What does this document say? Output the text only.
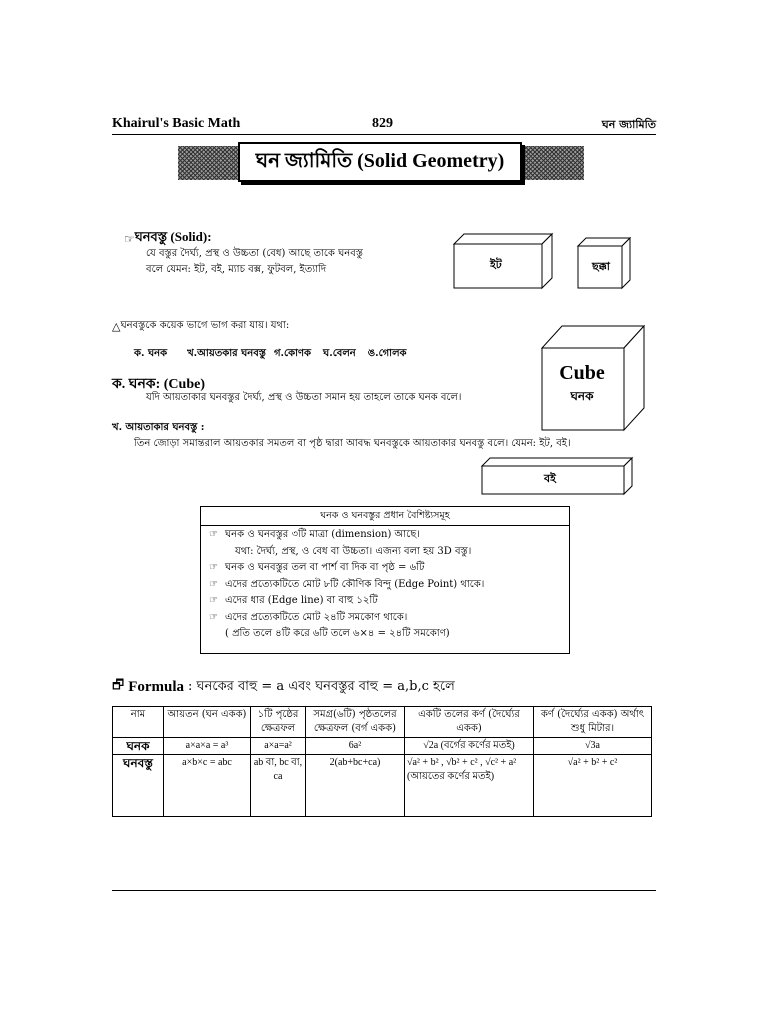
Khairul's Basic Math	829	ঘন জ্যামিতি
ঘন জ্যামিতি (Solid Geometry)
☞ ঘনবস্তু (Solid):
যে বস্তুর দৈর্ঘ্য, প্রস্থ ও উচ্চতা (বেধ) আছে তাকে ঘনবস্তু
বলে যেমন: ইট, বই, ম্যাচ বক্স, ফুটবল, ইত্যাদি	ইট	ছক্কা
△ ঘনবস্তুকে কয়েক ভাগে ভাগ করা যায়। যথা:
ক. ঘনক খ.আয়তকার ঘনবস্তু গ.কোণক ঘ.বেলন ঙ.গোলক
ক. ঘনক: (Cube)
যদি আয়তাকার ঘনবস্তুর দৈর্ঘ্য, প্রস্থ ও উচ্চতা সমান হয় তাহলে তাকে ঘনক বলে।
Cube
ঘনক
খ. আয়তাকার ঘনবস্তু :
তিন জোড়া সমান্তরাল আয়তকার সমতল বা পৃষ্ঠ দ্বারা আবদ্ধ ঘনবস্তুকে আয়তাকার ঘনবস্তু বলে। যেমন: ইট, বই।
বই
ঘনক ও ঘনবস্তুর প্রধান বৈশিষ্ট্যসমূহ
☞ ঘনক ও ঘনবস্তুর ৩টি মাত্রা (dimension) আছে।
যথা: দৈর্ঘ্য, প্রস্থ, ও বেধ বা উচ্চতা। এজন্য বলা হয় 3D বস্তু।
☞ ঘনক ও ঘনবস্তুর তল বা পার্শ বা দিক বা পৃষ্ঠ = ৬টি
☞ এদের প্রত্যেকটিতে মোট ৮টি কৌণিক বিন্দু (Edge Point) থাকে।
☞ এদের ধার (Edge line) বা বাহু ১২টি
☞ এদের প্রত্যেকটিতে মোট ২৪টি সমকোণ থাকে।
( প্রতি তলে ৪টি করে ৬টি তলে ৬×৪ = ২৪টি সমকোণ)
🗗 Formula : ঘনকের বাহু = a এবং ঘনবস্তুর বাহু = a,b,c হলে
নাম	আয়তন (ঘন একক)	১টি পৃষ্ঠের ক্ষেত্রফল	সমগ্র(৬টি) পৃষ্ঠতলের ক্ষেত্রফল (বর্গ একক)	একটি তলের কর্ণ (দৈর্ঘ্যের একক)	কর্ণ (দৈর্ঘ্যের একক) অর্থাৎ শুধু মিটার।
ঘনক	a×a×a = a³	a×a=a²	6a²	√2a (বর্গের কর্ণের মতই)	√3a
ঘনবস্তু	a×b×c = abc	ab বা, bc বা, ca	2(ab+bc+ca)	√a² + b² , √b² + c² , √c² + a² (আয়তের কর্ণের মতই)	√a² + b² + c²
